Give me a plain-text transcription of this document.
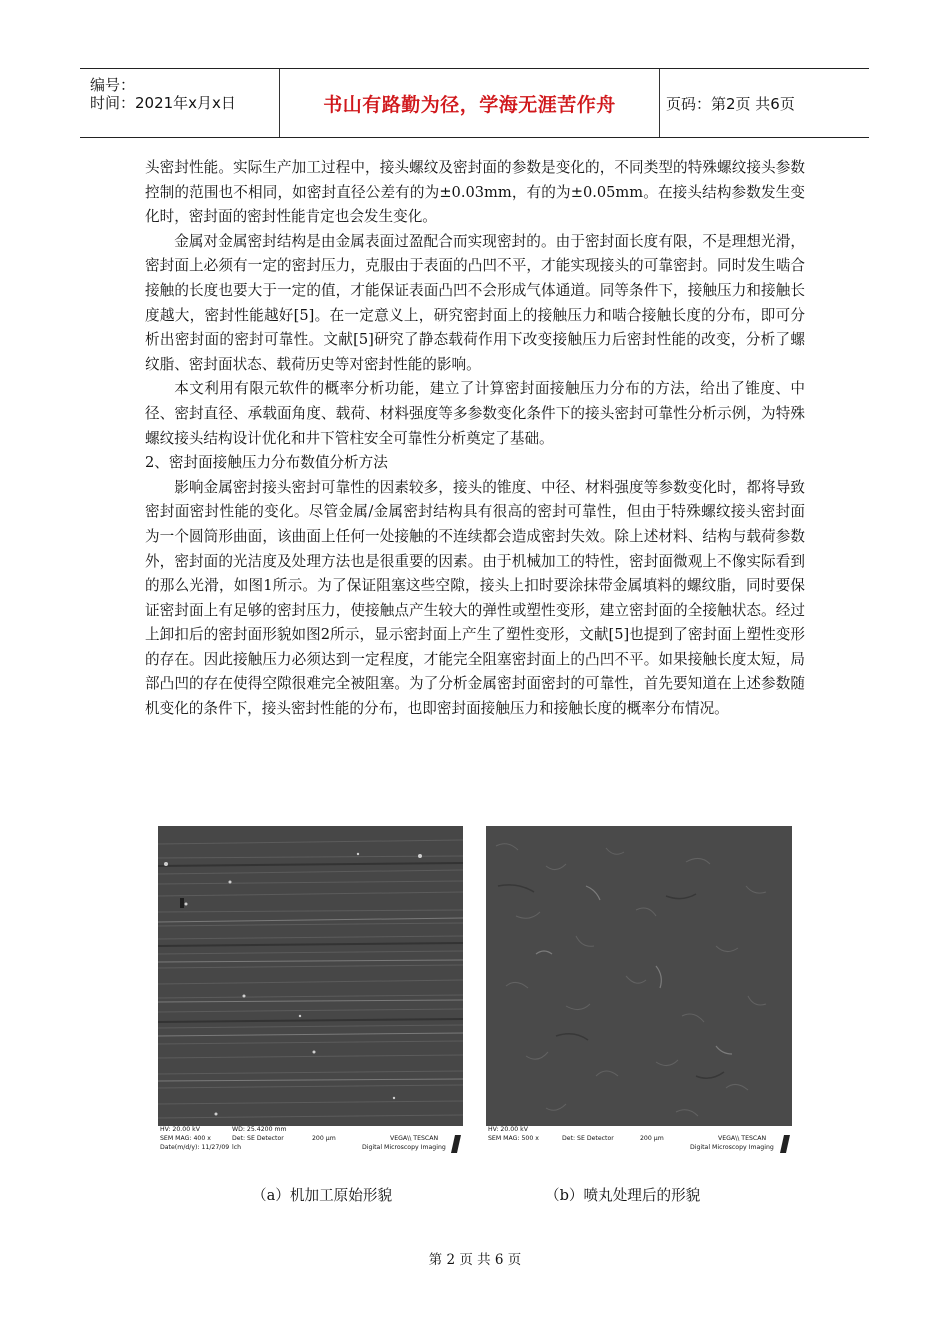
编号：
时间：2021年x月x日	书山有路勤为径，学海无涯苦作舟	页码：第2页 共6页

头密封性能。实际生产加工过程中，接头螺纹及密封面的参数是变化的，不同类型的特殊螺纹接头参数控制的范围也不相同，如密封直径公差有的为±0.03mm，有的为±0.05mm。在接头结构参数发生变化时，密封面的密封性能肯定也会发生变化。

金属对金属密封结构是由金属表面过盈配合而实现密封的。由于密封面长度有限，不是理想光滑，密封面上必须有一定的密封压力，克服由于表面的凸凹不平，才能实现接头的可靠密封。同时发生啮合接触的长度也要大于一定的值，才能保证表面凸凹不会形成气体通道。同等条件下，接触压力和接触长度越大，密封性能越好[5]。在一定意义上，研究密封面上的接触压力和啮合接触长度的分布，即可分析出密封面的密封可靠性。文献[5]研究了静态载荷作用下改变接触压力后密封性能的改变，分析了螺纹脂、密封面状态、载荷历史等对密封性能的影响。

本文利用有限元软件的概率分析功能，建立了计算密封面接触压力分布的方法，给出了锥度、中径、密封直径、承载面角度、载荷、材料强度等多参数变化条件下的接头密封可靠性分析示例，为特殊螺纹接头结构设计优化和井下管柱安全可靠性分析奠定了基础。

2、密封面接触压力分布数值分析方法

影响金属密封接头密封可靠性的因素较多，接头的锥度、中径、材料强度等参数变化时，都将导致密封面密封性能的变化。尽管金属/金属密封结构具有很高的密封可靠性，但由于特殊螺纹接头密封面为一个圆筒形曲面，该曲面上任何一处接触的不连续都会造成密封失效。除上述材料、结构与载荷参数外，密封面的光洁度及处理方法也是很重要的因素。由于机械加工的特性，密封面微观上不像实际看到的那么光滑，如图1所示。为了保证阻塞这些空隙，接头上扣时要涂抹带金属填料的螺纹脂，同时要保证密封面上有足够的密封压力，使接触点产生较大的弹性或塑性变形，建立密封面的全接触状态。经过上卸扣后的密封面形貌如图2所示，显示密封面上产生了塑性变形，文献[5]也提到了密封面上塑性变形的存在。因此接触压力必须达到一定程度，才能完全阻塞密封面上的凸凹不平。如果接触长度太短，局部凸凹的存在使得空隙很难完全被阻塞。为了分析金属密封面密封的可靠性，首先要知道在上述参数随机变化的条件下，接头密封性能的分布，也即密封面接触压力和接触长度的概率分布情况。

HV: 20.00 kV	WD: 25.4200 mm
SEM MAG: 400 x	Det: SE Detector	200 μm	VEGA\\ TESCAN
Date(m/d/y): 11/27/09 lch	Digital Microscopy Imaging
HV: 20.00 kV
SEM MAG: 500 x	Det: SE Detector	200 μm	VEGA\\ TESCAN
Digital Microscopy Imaging
（a）机加工原始形貌	（b）喷丸处理后的形貌
第 2 页 共 6 页
